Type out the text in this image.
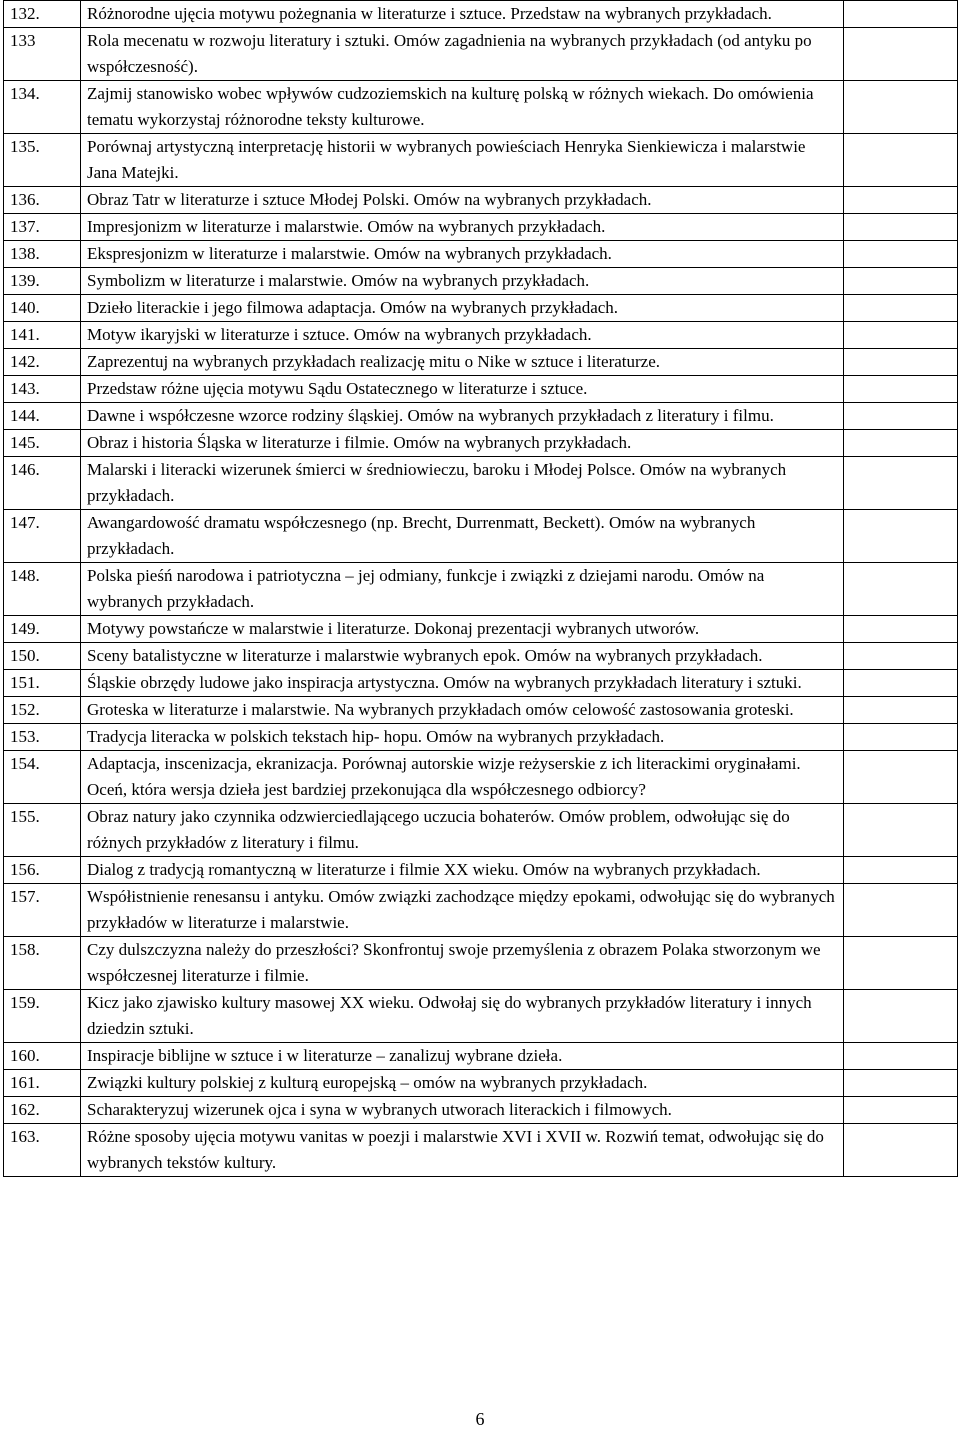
132.	Różnorodne ujęcia motywu pożegnania w literaturze i sztuce. Przedstaw na wybranych przykładach.	
133	Rola mecenatu w rozwoju literatury i sztuki. Omów zagadnienia na wybranych przykładach (od antyku po współczesność).	
134.	Zajmij stanowisko wobec wpływów cudzoziemskich na kulturę polską w różnych wiekach. Do omówienia tematu wykorzystaj różnorodne teksty kulturowe.	
135.	Porównaj artystyczną interpretację historii w wybranych powieściach Henryka Sienkiewicza i malarstwie Jana Matejki.	
136.	Obraz Tatr w literaturze i sztuce Młodej Polski. Omów na wybranych przykładach.	
137.	Impresjonizm w literaturze i malarstwie. Omów na wybranych przykładach.	
138.	Ekspresjonizm w literaturze i malarstwie. Omów na wybranych przykładach.	
139.	Symbolizm w literaturze i malarstwie. Omów na wybranych przykładach.	
140.	Dzieło literackie i jego filmowa adaptacja. Omów na wybranych przykładach.	
141.	Motyw ikaryjski w literaturze i sztuce. Omów na wybranych przykładach.	
142.	Zaprezentuj na wybranych przykładach realizację mitu o Nike w sztuce i literaturze.	
143.	Przedstaw różne ujęcia motywu Sądu Ostatecznego w literaturze i sztuce.	
144.	Dawne i współczesne wzorce rodziny śląskiej. Omów na wybranych przykładach z literatury i filmu.	
145.	Obraz i historia Śląska w literaturze i filmie. Omów na wybranych przykładach.	
146.	Malarski i literacki wizerunek śmierci w średniowieczu, baroku i Młodej Polsce. Omów na wybranych przykładach.	
147.	Awangardowość dramatu współczesnego (np. Brecht, Durrenmatt, Beckett). Omów na wybranych przykładach.	
148.	Polska pieśń narodowa i patriotyczna – jej odmiany, funkcje i związki z dziejami narodu. Omów na wybranych przykładach.	
149.	Motywy powstańcze w malarstwie i literaturze. Dokonaj prezentacji wybranych utworów.	
150.	Sceny batalistyczne w literaturze i malarstwie wybranych epok. Omów na wybranych przykładach.	
151.	Śląskie obrzędy ludowe jako inspiracja artystyczna. Omów na wybranych przykładach literatury i sztuki.	
152.	Groteska w literaturze i malarstwie. Na wybranych przykładach omów celowość zastosowania groteski.	
153.	Tradycja literacka w polskich tekstach hip- hopu. Omów na wybranych przykładach.	
154.	Adaptacja, inscenizacja, ekranizacja. Porównaj autorskie wizje reżyserskie z ich literackimi oryginałami. Oceń, która wersja dzieła jest bardziej przekonująca dla współczesnego odbiorcy?	
155.	Obraz natury jako czynnika odzwierciedlającego uczucia bohaterów. Omów problem, odwołując się do różnych przykładów z literatury i filmu.	
156.	Dialog z tradycją romantyczną w literaturze i filmie XX wieku. Omów na wybranych przykładach.	
157.	Współistnienie renesansu i antyku. Omów związki zachodzące między epokami, odwołując się do wybranych przykładów w literaturze i malarstwie.	
158.	Czy dulszczyzna należy do przeszłości? Skonfrontuj swoje przemyślenia z obrazem Polaka stworzonym we współczesnej literaturze i filmie.	
159.	Kicz jako zjawisko kultury masowej XX wieku. Odwołaj się do wybranych przykładów literatury i innych dziedzin sztuki.	
160.	Inspiracje biblijne w sztuce i w literaturze – zanalizuj wybrane dzieła.	
161.	Związki kultury polskiej z kulturą europejską – omów na wybranych przykładach.	
162.	Scharakteryzuj wizerunek ojca i syna w wybranych utworach literackich i filmowych.	
163.	Różne sposoby ujęcia motywu vanitas w poezji i malarstwie XVI i XVII w. Rozwiń temat, odwołując się do wybranych tekstów kultury.	
6
